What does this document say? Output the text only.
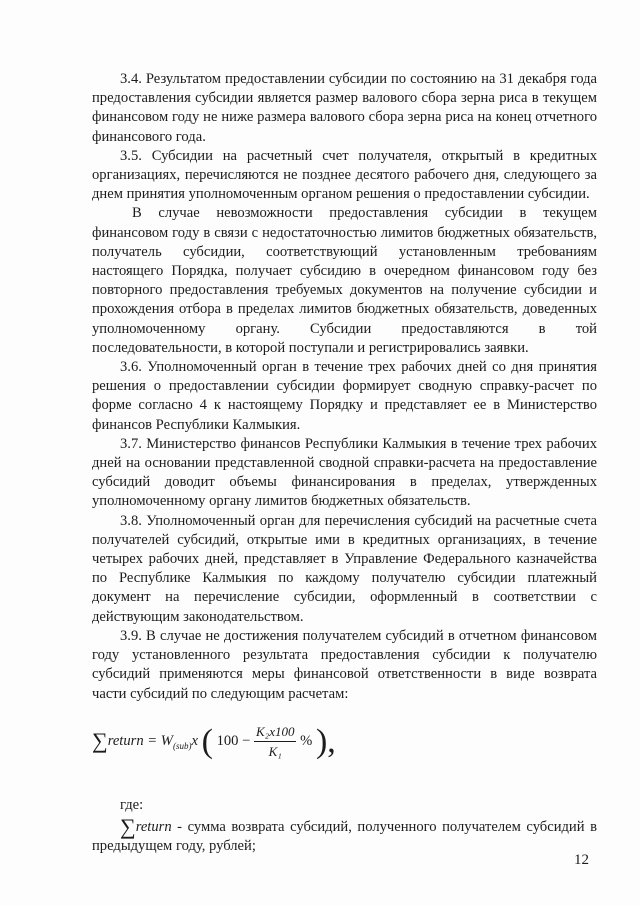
3.4. Результатом предоставлении субсидии по состоянию на 31 декабря года предоставления субсидии является размер валового сбора зерна риса в текущем финансовом году не ниже размера валового сбора зерна риса на конец отчетного финансового года.

3.5. Субсидии на расчетный счет получателя, открытый в кредитных организациях, перечисляются не позднее десятого рабочего дня, следующего за днем принятия уполномоченным органом решения о предоставлении субсидии.

В случае невозможности предоставления субсидии в текущем финансовом году в связи с недостаточностью лимитов бюджетных обязательств, получатель субсидии, соответствующий установленным требованиям настоящего Порядка, получает субсидию в очередном финансовом году без повторного предоставления требуемых документов на получение субсидии и прохождения отбора в пределах лимитов бюджетных обязательств, доведенных уполномоченному органу. Субсидии предоставляются в той последовательности, в которой поступали и регистрировались заявки.

3.6. Уполномоченный орган в течение трех рабочих дней со дня принятия решения о предоставлении субсидии формирует сводную справку-расчет по форме согласно 4 к настоящему Порядку и представляет ее в Министерство финансов Республики Калмыкия.

3.7. Министерство финансов Республики Калмыкия в течение трех рабочих дней на основании представленной сводной справки-расчета на предоставление субсидий доводит объемы финансирования в пределах, утвержденных уполномоченному органу лимитов бюджетных обязательств.

3.8. Уполномоченный орган для перечисления субсидий на расчетные счета получателей субсидий, открытые ими в кредитных организациях, в течение четырех рабочих дней, представляет в Управление Федерального казначейства по Республике Калмыкия по каждому получателю субсидии платежный документ на перечисление субсидии, оформленный в соответствии с действующим законодательством.

3.9. В случае не достижения получателем субсидий в отчетном финансовом году установленного результата предоставления субсидии к получателю субсидий применяются меры финансовой ответственности в виде возврата части субсидий по следующим расчетам:

∑return = $W_{(sub)}x$ ( $100 - \frac{\text{K₂x100}}{\text{K₁}}$ % ),

где:

∑return - сумма возврата субсидий, полученного получателем субсидий в предыдущем году, рублей;

12
